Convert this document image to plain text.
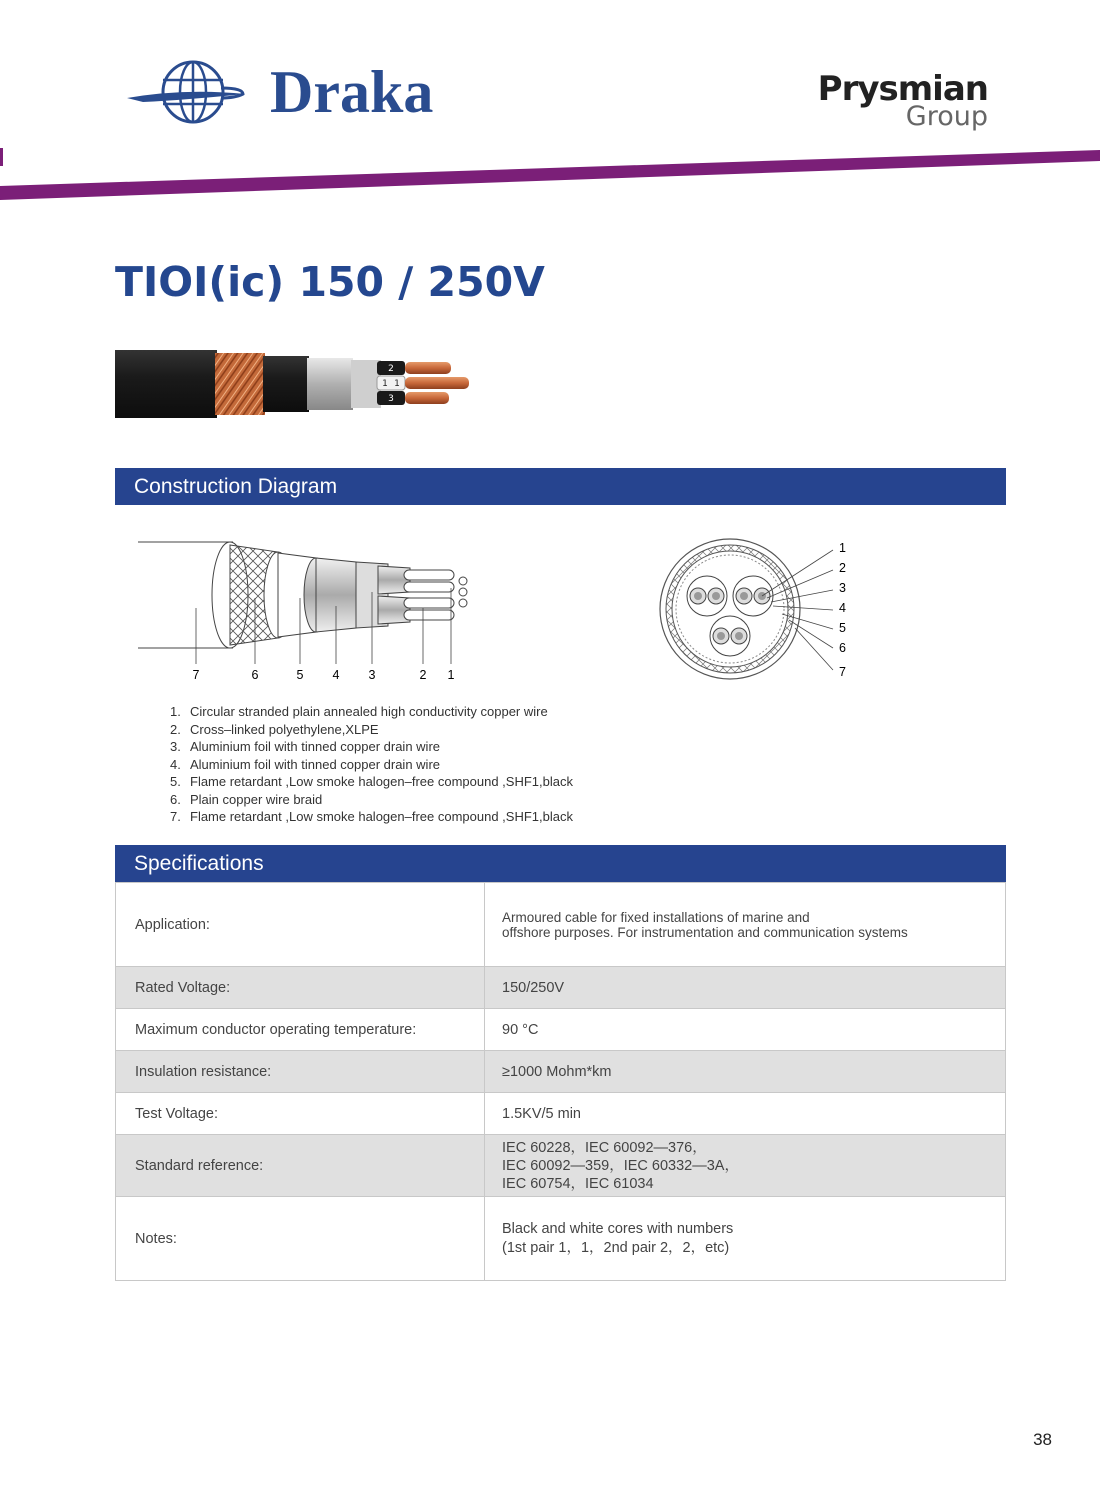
Draka	Prysmian
Group
TIOI(ic) 150 / 250V
2
1 1
3
Construction Diagram
7	6	5 4 3	2 1
1
2
3
4
5
6
7
1. Circular stranded plain annealed high conductivity copper wire
2. Cross–linked polyethylene,XLPE
3. Aluminium foil with tinned copper drain wire
4. Aluminium foil with tinned copper drain wire
5. Flame retardant ,Low smoke halogen–free compound ,SHF1,black
6. Plain copper wire braid
7. Flame retardant ,Low smoke halogen–free compound ,SHF1,black
Specifications
Application:	Armoured cable for fixed installations of marine and
offshore purposes. For instrumentation and communication systems

Rated Voltage:	150/250V

Maximum conductor operating temperature:	90 °C

Insulation resistance:	≥1000 Mohm*km

Test Voltage:	1.5KV/5 min

Standard reference:	IEC 60228，IEC 60092—376，
IEC 60092—359，IEC 60332—3A，
IEC 60754，IEC 61034

Notes:	Black and white cores with numbers
(1st pair 1，1，2nd pair 2，2，etc)
38
